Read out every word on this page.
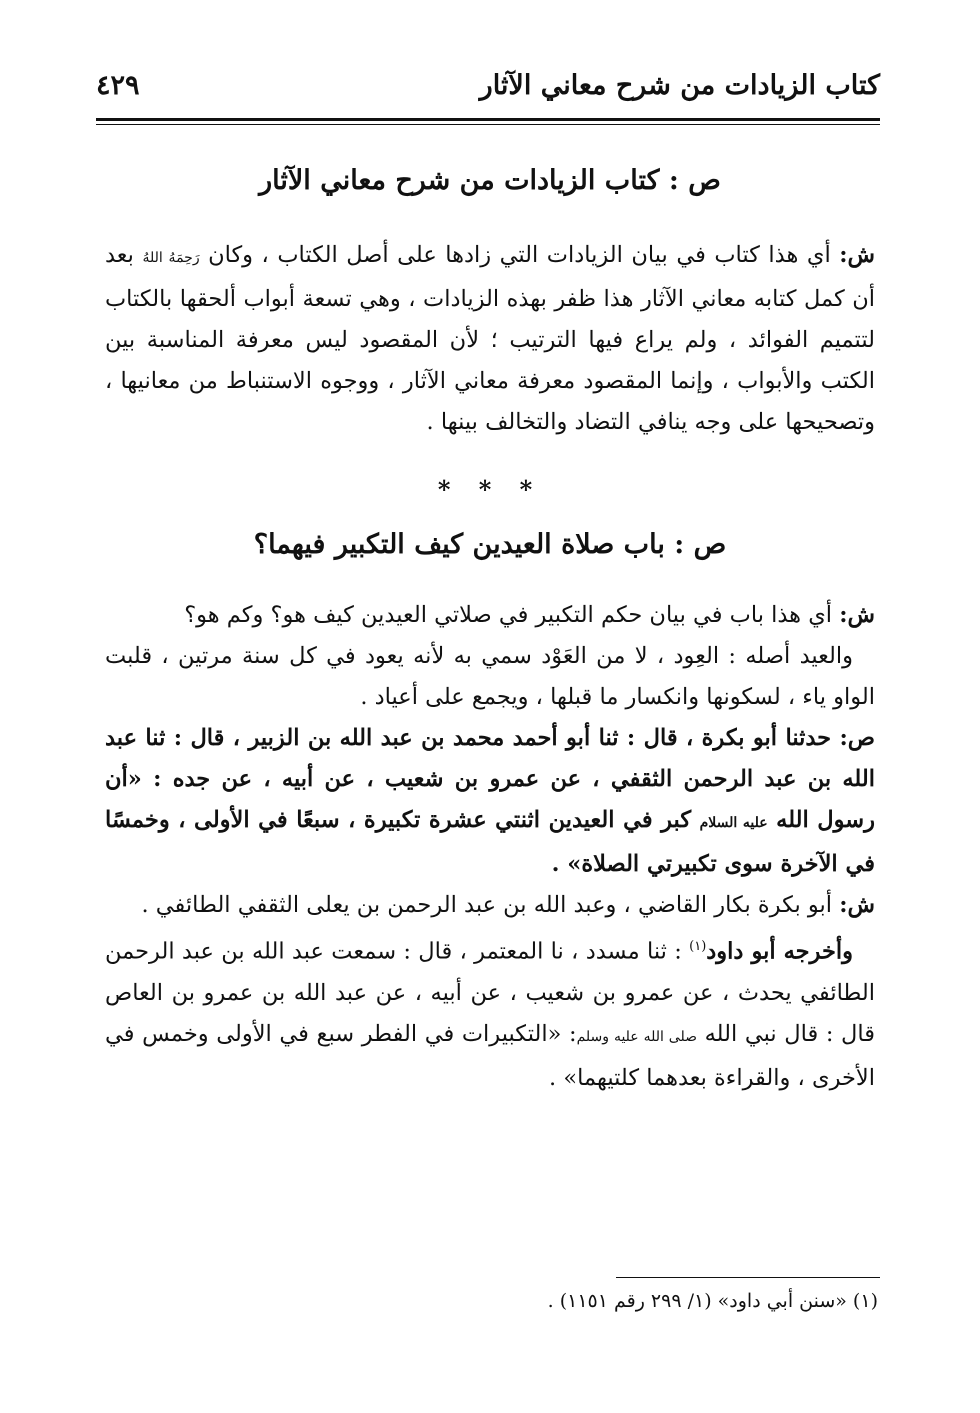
كتاب الزيادات من شرح معاني الآثار
٤٢٩
ص : كتاب الزيادات من شرح معاني الآثار

ش: أي هذا كتاب في بيان الزيادات التي زادها على أصل الكتاب ، وكان رَحِمَهُ اللهُ بعد أن كمل كتابه معاني الآثار هذا ظفر بهذه الزيادات ، وهي تسعة أبواب ألحقها بالكتاب لتتميم الفوائد ، ولم يراع فيها الترتيب ؛ لأن المقصود ليس معرفة المناسبة بين الكتب والأبواب ، وإنما المقصود معرفة معاني الآثار ، ووجوه الاستنباط من معانيها ، وتصحيحها على وجه ينافي التضاد والتخالف بينها .

* * *
ص : باب صلاة العيدين كيف التكبير فيهما؟

ش: أي هذا باب في بيان حكم التكبير في صلاتي العيدين كيف هو؟ وكم هو؟

والعيد أصله : العِود ، لا من العَوْد سمي به لأنه يعود في كل سنة مرتين ، قلبت الواو ياء ، لسكونها وانكسار ما قبلها ، ويجمع على أعياد .

ص: حدثنا أبو بكرة ، قال : ثنا أبو أحمد محمد بن عبد الله بن الزبير ، قال : ثنا عبد الله بن عبد الرحمن الثقفي ، عن عمرو بن شعيب ، عن أبيه ، عن جده : «أن رسول الله عليه السلام كبر في العيدين اثنتي عشرة تكبيرة ، سبعًا في الأولى ، وخمسًا في الآخرة سوى تكبيرتي الصلاة» .

ش: أبو بكرة بكار القاضي ، وعبد الله بن عبد الرحمن بن يعلى الثقفي الطائفي .

وأخرجه أبو داود$^{(١)}$ : ثنا مسدد ، نا المعتمر ، قال : سمعت عبد الله بن عبد الرحمن الطائفي يحدث ، عن عمرو بن شعيب ، عن أبيه ، عن عبد الله بن عمرو بن العاص قال : قال نبي الله صلى الله عليه وسلم: «التكبيرات في الفطر سبع في الأولى وخمس في الأخرى ، والقراءة بعدهما كلتيهما» .

(١) «سنن أبي داود» (١/ ٢٩٩ رقم ١١٥١) .
